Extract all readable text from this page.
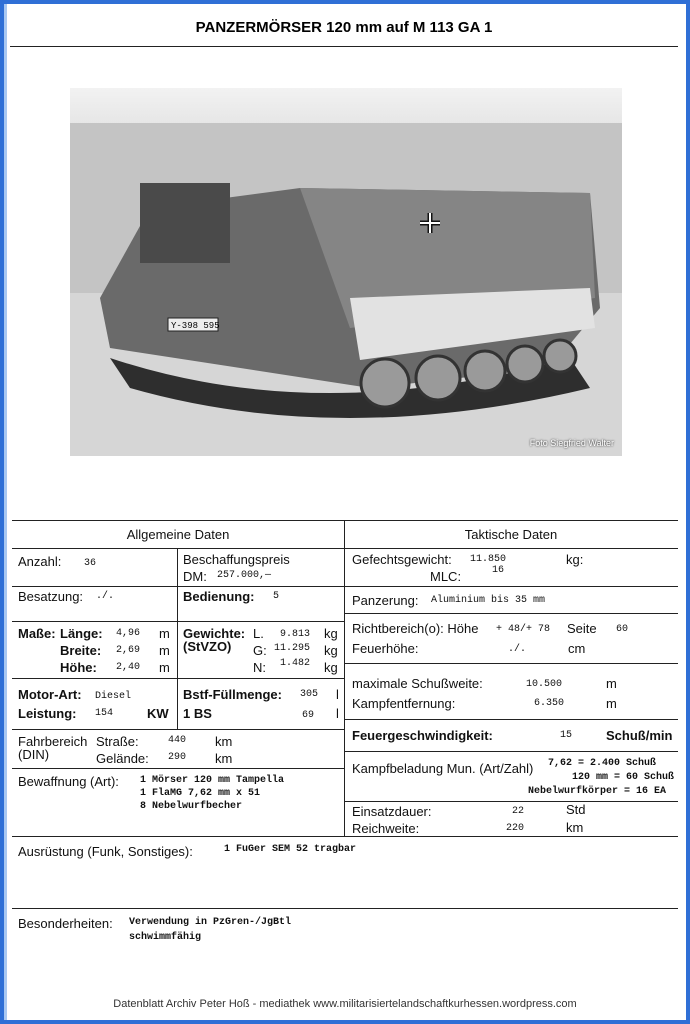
PANZERMÖRSER 120 mm auf M 113 GA 1
Y-398 595
Foto Siegfried Walter
Allgemeine Daten
Anzahl: 36	Beschaffungspreis
DM: 257.000,—
Besatzung: ./.	Bedienung: 5
Maße: Länge: 4,96 m
Breite: 2,69 m
Höhe: 2,40 m
Gewichte:
(StVZO)
L. 9.813 kg
G: 11.295 kg
N: 1.482 kg
Motor-Art: Diesel
Leistung: 154	KW
Bstf-Füllmenge: 305 l
1 BS	69 l
Fahrbereich
(DIN)
Straße:	440 km
Gelände: 290 km
Bewaffnung (Art): 1 Mörser 120 mm Tampella
1 FlaMG 7,62 mm x 51
8 Nebelwurfbecher
Taktische Daten
Gefechtsgewicht: 11.850	kg:
MLC:	16
Panzerung: Aluminium bis 35 mm
Richtbereich(o): Höhe + 48/+ 78 Seite 60
Feuerhöhe:	./.	cm
maximale Schußweite:	10.500	m
Kampfentfernung:	6.350	m
Feuergeschwindigkeit:	15	Schuß/min
Kampfbeladung Mun. (Art/Zahl) 7,62 = 2.400 Schuß
120 mm = 60 Schuß
Nebelwurfkörper = 16 EA
Einsatzdauer:	22	Std
Reichweite:	220	km
Ausrüstung (Funk, Sonstiges):	1 FuGer SEM 52 tragbar
Besonderheiten: Verwendung in PzGren-/JgBtl
schwimmfähig
Datenblatt Archiv Peter Hoß - mediathek www.militarisiertelandschaftkurhessen.wordpress.com
